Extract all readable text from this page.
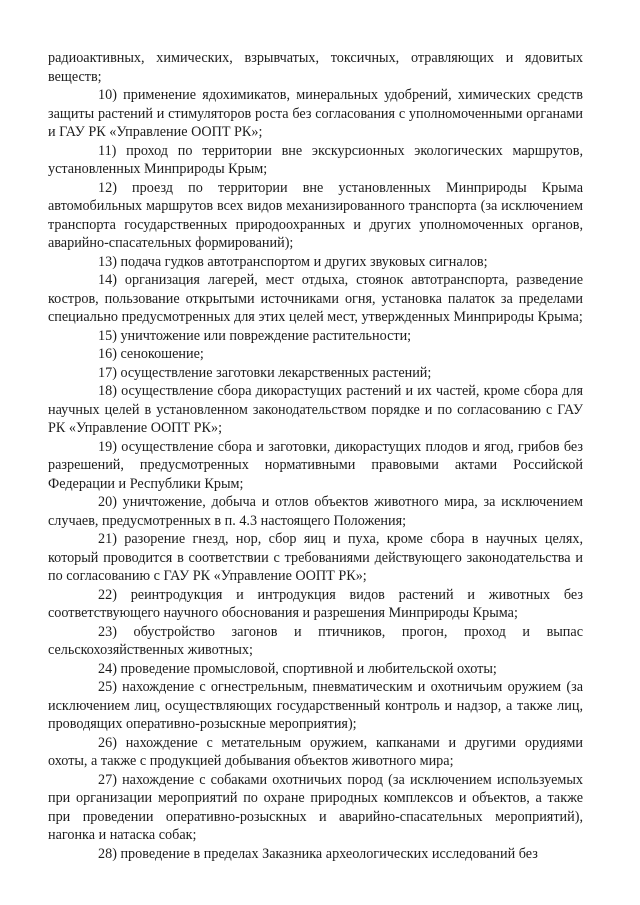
радиоактивных, химических, взрывчатых, токсичных, отравляющих и ядовитых веществ;

10) применение ядохимикатов, минеральных удобрений, химических средств защиты растений и стимуляторов роста без согласования с уполномоченными органами и ГАУ РК «Управление ООПТ РК»;

11) проход по территории вне экскурсионных экологических маршрутов, установленных Минприроды Крым;

12) проезд по территории вне установленных Минприроды Крыма автомобильных маршрутов всех видов механизированного транспорта (за исключением транспорта государственных природоохранных и других уполномоченных органов, аварийно-спасательных формирований);

13) подача гудков автотранспортом и других звуковых сигналов;

14) организация лагерей, мест отдыха, стоянок автотранспорта, разведение костров, пользование открытыми источниками огня, установка палаток за пределами специально предусмотренных для этих целей мест, утвержденных Минприроды Крыма;

15) уничтожение или повреждение растительности;

16) сенокошение;

17) осуществление заготовки лекарственных растений;

18) осуществление сбора дикорастущих растений и их частей, кроме сбора для научных целей в установленном законодательством порядке и по согласованию с ГАУ РК «Управление ООПТ РК»;

19) осуществление сбора и заготовки, дикорастущих плодов и ягод, грибов без разрешений, предусмотренных нормативными правовыми актами Российской Федерации и Республики Крым;

20) уничтожение, добыча и отлов объектов животного мира, за исключением случаев, предусмотренных в п. 4.3 настоящего Положения;

21) разорение гнезд, нор, сбор яиц и пуха, кроме сбора в научных целях, который проводится в соответствии с требованиями действующего законодательства и по согласованию с ГАУ РК «Управление ООПТ РК»;

22) реинтродукция и интродукция видов растений и животных без соответствующего научного обоснования и разрешения Минприроды Крыма;

23) обустройство загонов и птичников, прогон, проход и выпас сельскохозяйственных животных;

24) проведение промысловой, спортивной и любительской охоты;

25) нахождение с огнестрельным, пневматическим и охотничьим оружием (за исключением лиц, осуществляющих государственный контроль и надзор, а также лиц, проводящих оперативно-розыскные мероприятия);

26) нахождение с метательным оружием, капканами и другими орудиями охоты, а также с продукцией добывания объектов животного мира;

27) нахождение с собаками охотничьих пород (за исключением используемых при организации мероприятий по охране природных комплексов и объектов, а также при проведении оперативно-розыскных и аварийно-спасательных мероприятий), нагонка и натаска собак;

28) проведение в пределах Заказника археологических исследований без
